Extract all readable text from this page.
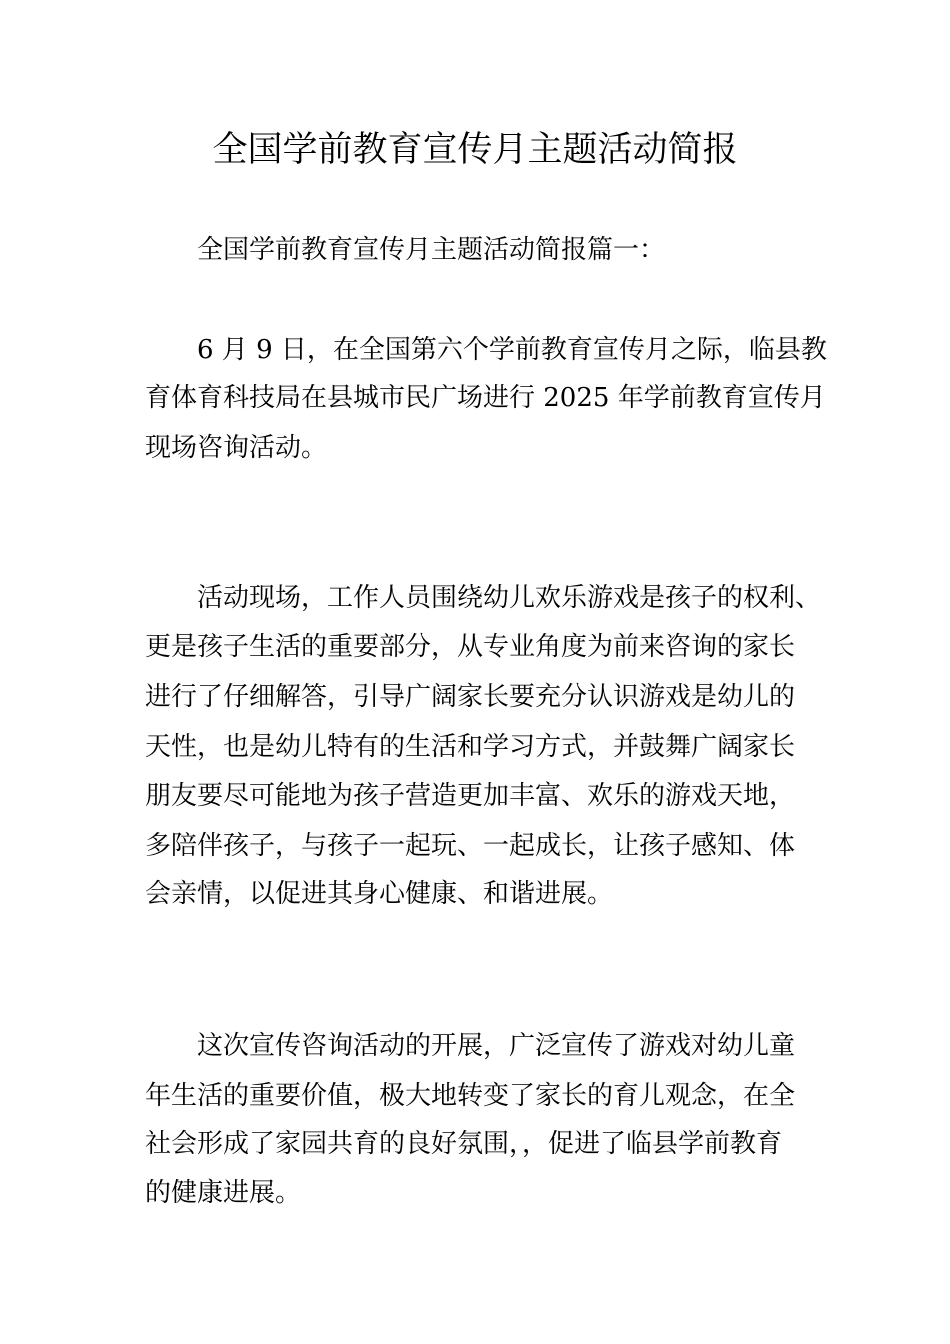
全国学前教育宣传月主题活动简报
全国学前教育宣传月主题活动简报篇一：
6 月 9 日，在全国第六个学前教育宣传月之际，临县教
育体育科技局在县城市民广场进行 2025 年学前教育宣传月
现场咨询活动。
活动现场，工作人员围绕幼儿欢乐游戏是孩子的权利、
更是孩子生活的重要部分，从专业角度为前来咨询的家长
进行了仔细解答，引导广阔家长要充分认识游戏是幼儿的
天性，也是幼儿特有的生活和学习方式，并鼓舞广阔家长
朋友要尽可能地为孩子营造更加丰富、欢乐的游戏天地，
多陪伴孩子，与孩子一起玩、一起成长，让孩子感知、体
会亲情，以促进其身心健康、和谐进展。
这次宣传咨询活动的开展，广泛宣传了游戏对幼儿童
年生活的重要价值，极大地转变了家长的育儿观念，在全
社会形成了家园共育的良好氛围，，促进了临县学前教育
的健康进展。
